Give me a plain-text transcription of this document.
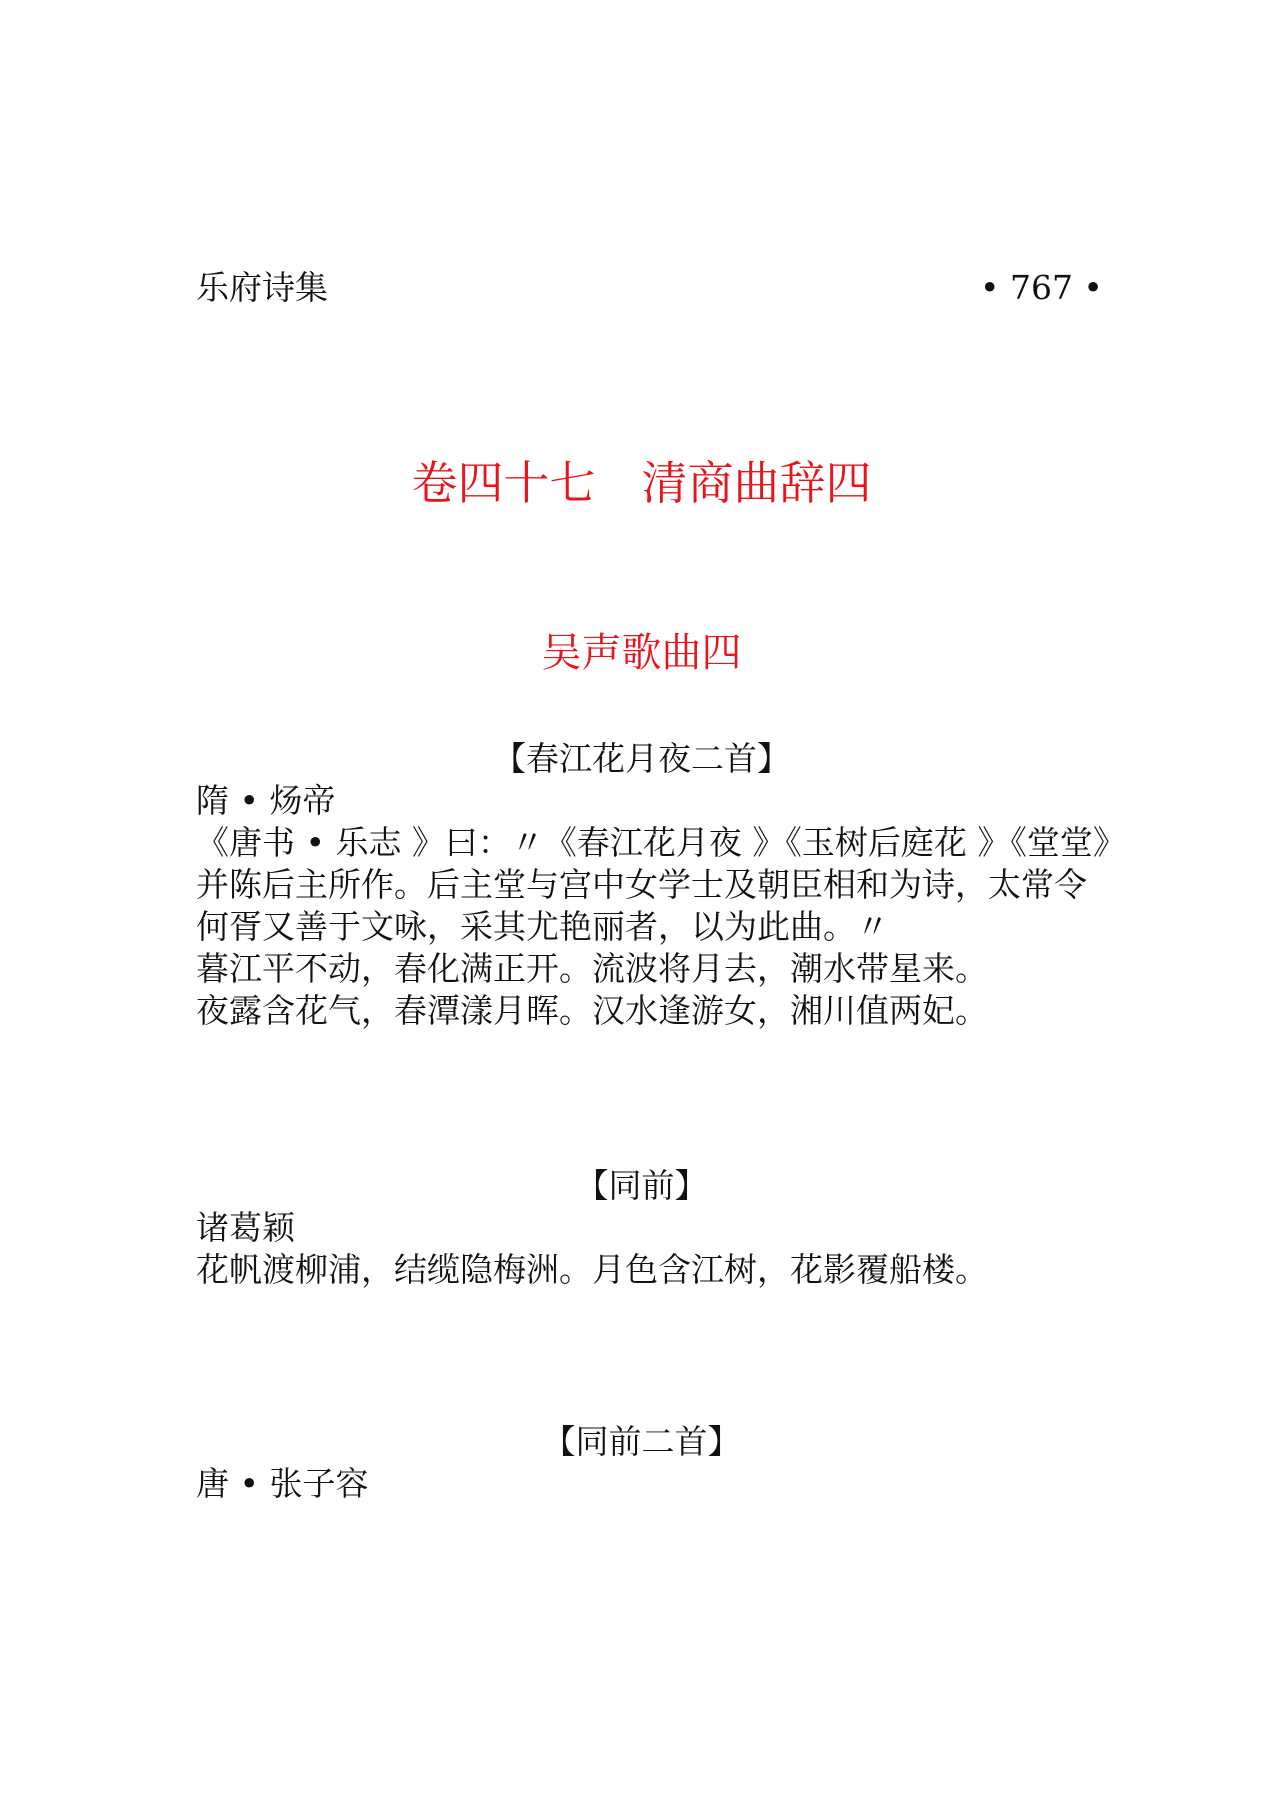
乐府诗集	• 767 •
卷四十七　清商曲辞四
吴声歌曲四
【春江花月夜二首】
隋 • 炀帝
《唐书 • 乐志 》曰：〃《春江花月夜 》《玉树后庭花 》《堂堂》
并陈后主所作。后主堂与宫中女学士及朝臣相和为诗，太常令
何胥又善于文咏，采其尤艳丽者，以为此曲。〃
暮江平不动，春化满正开。流波将月去，潮水带星来。
夜露含花气，春潭漾月晖。汉水逢游女，湘川值两妃。
【同前】
诸葛颖
花帆渡柳浦，结缆隐梅洲。月色含江树，花影覆船楼。
【同前二首】
唐 • 张子容
